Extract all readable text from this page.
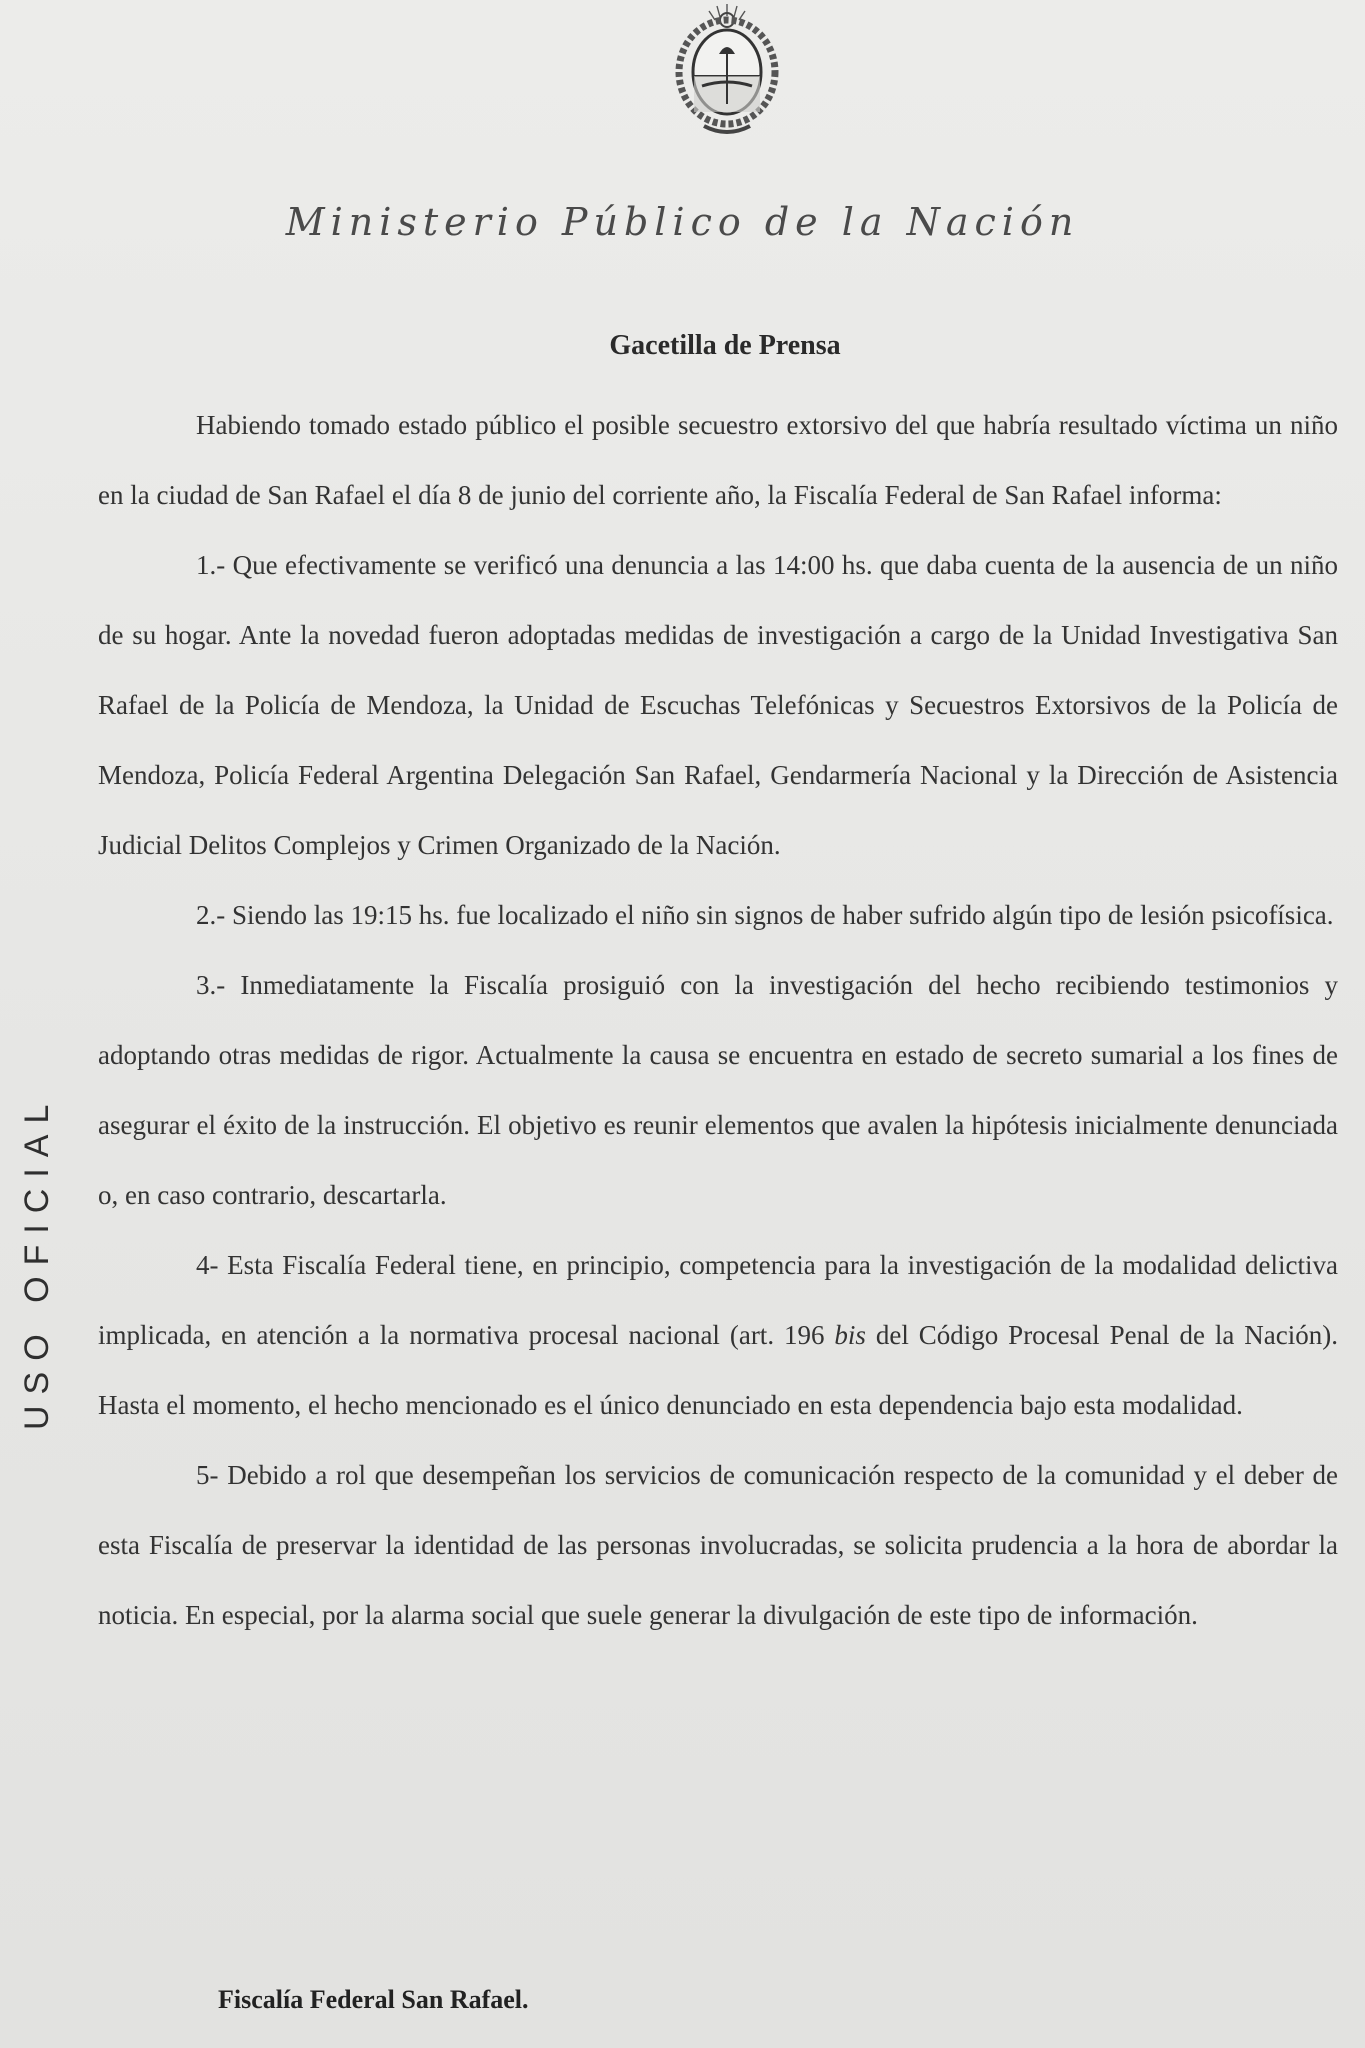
Ministerio Público de la Nación
Gacetilla de Prensa

Habiendo tomado estado público el posible secuestro extorsivo del que habría resultado víctima un niño en la ciudad de San Rafael el día 8 de junio del corriente año, la Fiscalía Federal de San Rafael informa:

1.- Que efectivamente se verificó una denuncia a las 14:00 hs. que daba cuenta de la ausencia de un niño de su hogar. Ante la novedad fueron adoptadas medidas de investigación a cargo de la Unidad Investigativa San Rafael de la Policía de Mendoza, la Unidad de Escuchas Telefónicas y Secuestros Extorsivos de la Policía de Mendoza, Policía Federal Argentina Delegación San Rafael, Gendarmería Nacional y la Dirección de Asistencia Judicial Delitos Complejos y Crimen Organizado de la Nación.

2.- Siendo las 19:15 hs. fue localizado el niño sin signos de haber sufrido algún tipo de lesión psicofísica.

3.- Inmediatamente la Fiscalía prosiguió con la investigación del hecho recibiendo testimonios y adoptando otras medidas de rigor. Actualmente la causa se encuentra en estado de secreto sumarial a los fines de asegurar el éxito de la instrucción. El objetivo es reunir elementos que avalen la hipótesis inicialmente denunciada o, en caso contrario, descartarla.

4- Esta Fiscalía Federal tiene, en principio, competencia para la investigación de la modalidad delictiva implicada, en atención a la normativa procesal nacional (art. 196 bis del Código Procesal Penal de la Nación). Hasta el momento, el hecho mencionado es el único denunciado en esta dependencia bajo esta modalidad.

5- Debido a rol que desempeñan los servicios de comunicación respecto de la comunidad y el deber de esta Fiscalía de preservar la identidad de las personas involucradas, se solicita prudencia a la hora de abordar la noticia. En especial, por la alarma social que suele generar la divulgación de este tipo de información.

Fiscalía Federal San Rafael.
USO OFICIAL
